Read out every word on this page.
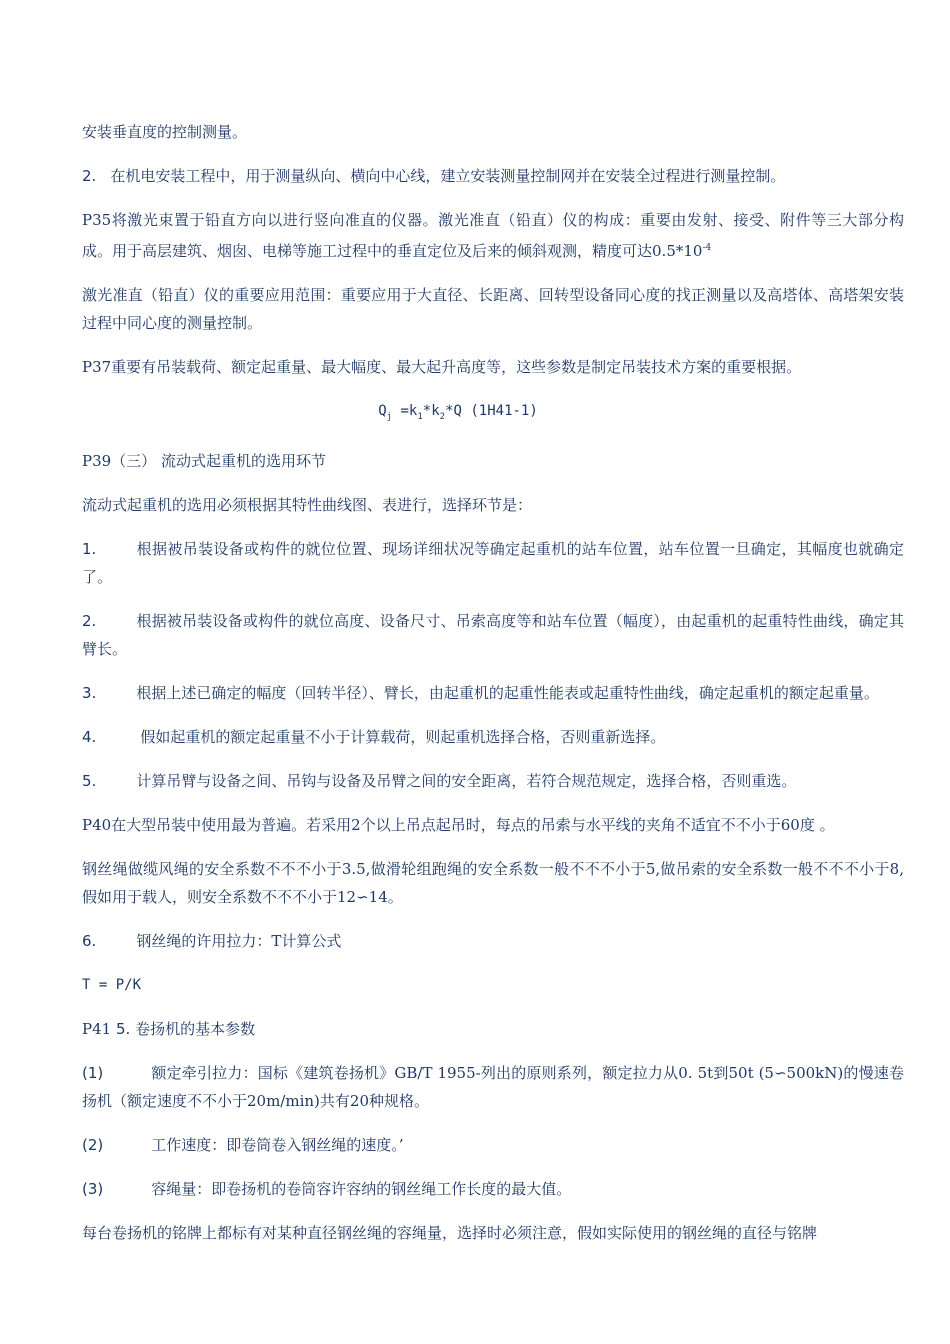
安装垂直度的控制测量。

2. 在机电安装工程中，用于测量纵向、横向中心线，建立安装测量控制网并在安装全过程进行测量控制。

P35将激光束置于铅直方向以进行竖向准直的仪器。激光准直（铅直）仪的构成：重要由发射、接受、附件等三大部分构成。用于高层建筑、烟囱、电梯等施工过程中的垂直定位及后来的倾斜观测，精度可达$0.5*10^{-4}$

激光准直（铅直）仪的重要应用范围：重要应用于大直径、长距离、回转型设备同心度的找正测量以及高塔体、高塔架安装过程中同心度的测量控制。

P37重要有吊装载荷、额定起重量、最大幅度、最大起升高度等，这些参数是制定吊装技术方案的重要根据。

$Q_j =k_1*k_2*Q$ (1H41-1)

P39（三） 流动式起重机的选用环节

流动式起重机的选用必须根据其特性曲线图、表进行，选择环节是：

1.	根据被吊装设备或构件的就位位置、现场详细状况等确定起重机的站车位置，站车位置一旦确定，其幅度也就确定了。

2.	根据被吊装设备或构件的就位高度、设备尺寸、吊索高度等和站车位置（幅度），由起重机的起重特性曲线，确定其臂长。

3.	根据上述已确定的幅度（回转半径）、臂长，由起重机的起重性能表或起重特性曲线，确定起重机的额定起重量。

4.	假如起重机的额定起重量不小于计算载荷，则起重机选择合格，否则重新选择。

5.	计算吊臂与设备之间、吊钩与设备及吊臂之间的安全距离，若符合规范规定，选择合格，否则重选。

P40在大型吊装中使用最为普遍。若采用2个以上吊点起吊时，每点的吊索与水平线的夹角不适宜不不小于60度 。

钢丝绳做缆风绳的安全系数不不不小于3.5,做滑轮组跑绳的安全系数一般不不不小于5,做吊索的安全系数一般不不不小于8,假如用于载人，则安全系数不不不小于12∽14。

6.	钢丝绳的许用拉力：T计算公式

T = P/K

P41 5. 卷扬机的基本参数

(1)	额定牵引拉力：国标《建筑卷扬机》GB/T 1955-列出的原则系列，额定拉力从0. 5t到50t (5∽500kN)的慢速卷扬机（额定速度不不小于20m/min)共有20种规格。

(2)	工作速度：即卷筒卷入钢丝绳的速度。’

(3)	容绳量：即卷扬机的卷筒容许容纳的钢丝绳工作长度的最大值。

每台卷扬机的铭牌上都标有对某种直径钢丝绳的容绳量，选择时必须注意，假如实际使用的钢丝绳的直径与铭牌
